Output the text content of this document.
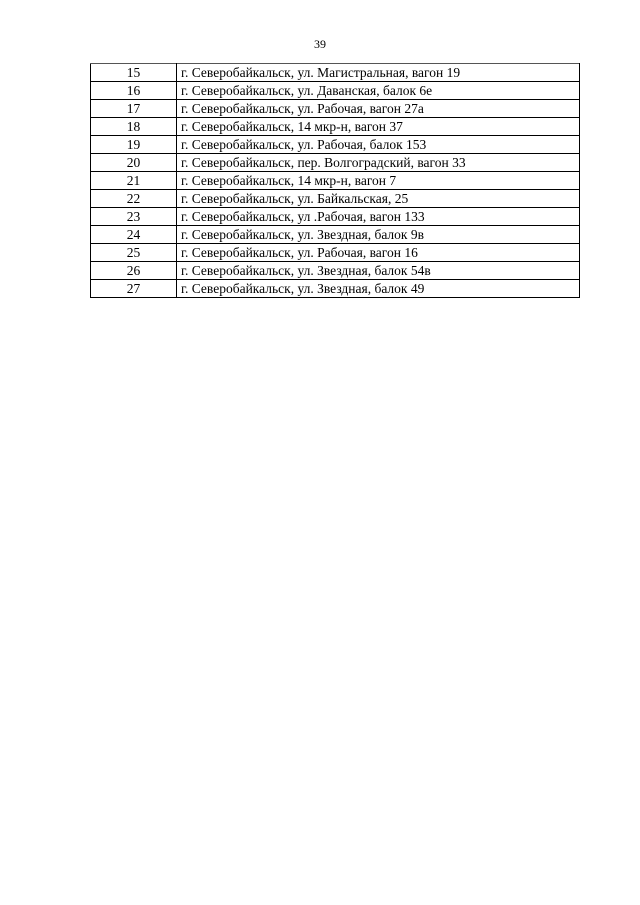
39
15	г. Северобайкальск, ул. Магистральная, вагон 19
16	г. Северобайкальск, ул. Даванская, балок 6е
17	г. Северобайкальск, ул. Рабочая, вагон 27а
18	г. Северобайкальск, 14 мкр-н, вагон 37
19	г. Северобайкальск, ул. Рабочая, балок 153
20	г. Северобайкальск, пер. Волгоградский, вагон 33
21	г. Северобайкальск, 14 мкр-н, вагон 7
22	г. Северобайкальск, ул. Байкальская, 25
23	г. Северобайкальск, ул .Рабочая, вагон 133
24	г. Северобайкальск, ул. Звездная, балок 9в
25	г. Северобайкальск, ул. Рабочая, вагон 16
26	г. Северобайкальск, ул. Звездная, балок 54в
27	г. Северобайкальск, ул. Звездная, балок 49
